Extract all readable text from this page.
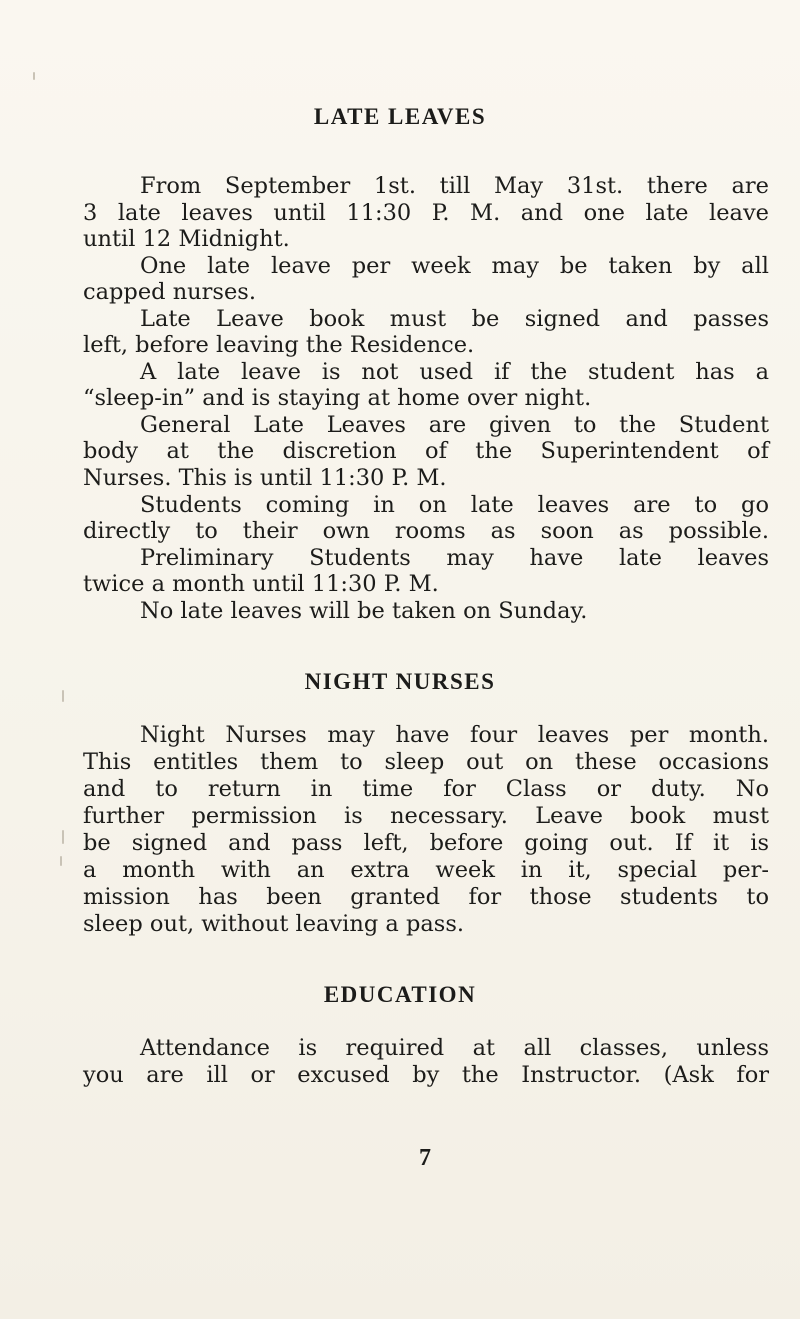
LATE LEAVES
From September 1st. till May 31st. there are
3 late leaves until 11:30 P. M. and one late leave
until 12 Midnight.
One late leave per week may be taken by all
capped nurses.
Late Leave book must be signed and passes
left, before leaving the Residence.
A late leave is not used if the student has a
“sleep-in” and is staying at home over night.
General Late Leaves are given to the Student
body at the discretion of the Superintendent of
Nurses. This is until 11:30 P. M.
Students coming in on late leaves are to go
directly to their own rooms as soon as possible.
Preliminary Students may have late leaves
twice a month until 11:30 P. M.
No late leaves will be taken on Sunday.
NIGHT NURSES
Night Nurses may have four leaves per month.
This entitles them to sleep out on these occasions
and to return in time for Class or duty. No
further permission is necessary. Leave book must
be signed and pass left, before going out. If it is
a month with an extra week in it, special per-
mission has been granted for those students to
sleep out, without leaving a pass.
EDUCATION
Attendance is required at all classes, unless
you are ill or excused by the Instructor. (Ask for
7
